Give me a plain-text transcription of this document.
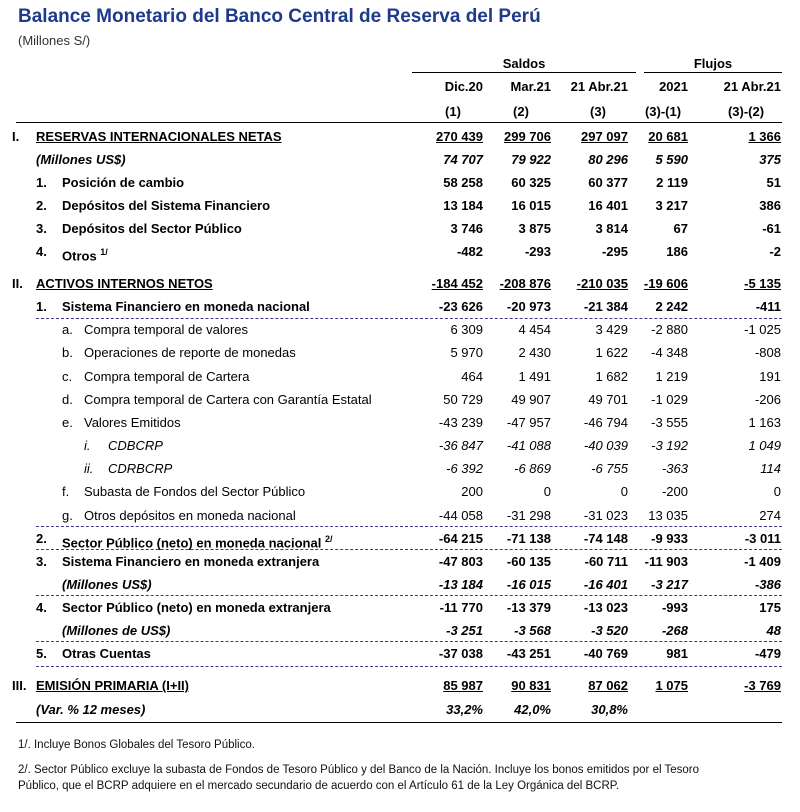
Balance Monetario del Banco Central de Reserva del Perú
(Millones S/)
Saldos	Flujos
Dic.20	Mar.21	21 Abr.21	2021	21 Abr.21
(1)	(2)	(3)	(3)-(1)	(3)-(2)
I. RESERVAS INTERNACIONALES NETAS	270 439	299 706	297 097	20 681	1 366
(Millones US$)	74 707	79 922	80 296	5 590	375
1. Posición de cambio	58 258	60 325	60 377	2 119	51
2. Depósitos del Sistema Financiero	13 184	16 015	16 401	3 217	386
3. Depósitos del Sector Público	3 746	3 875	3 814	67	-61
4. Otros $^{1/}$	-482	-293	-295	186	-2
II. ACTIVOS INTERNOS NETOS	-184 452	-208 876	-210 035	-19 606	-5 135
1. Sistema Financiero en moneda nacional	-23 626	-20 973	-21 384	2 242	-411
a. Compra temporal de valores	6 309	4 454	3 429	-2 880	-1 025
b. Operaciones de reporte de monedas	5 970	2 430	1 622	-4 348	-808
c. Compra temporal de Cartera	464	1 491	1 682	1 219	191
d. Compra temporal de Cartera con Garantía Estatal	50 729	49 907	49 701	-1 029	-206
e. Valores Emitidos	-43 239	-47 957	-46 794	-3 555	1 163
i. CDBCRP	-36 847	-41 088	-40 039	-3 192	1 049
ii. CDRBCRP	-6 392	-6 869	-6 755	-363	114
f. Subasta de Fondos del Sector Público	200	0	0	-200	0
g. Otros depósitos en moneda nacional	-44 058	-31 298	-31 023	13 035	274
2. Sector Público (neto) en moneda nacional $^{2/}$	-64 215	-71 138	-74 148	-9 933	-3 011
3. Sistema Financiero en moneda extranjera	-47 803	-60 135	-60 711	-11 903	-1 409
(Millones US$)	-13 184	-16 015	-16 401	-3 217	-386
4. Sector Público (neto) en moneda extranjera	-11 770	-13 379	-13 023	-993	175
(Millones de US$)	-3 251	-3 568	-3 520	-268	48
5. Otras Cuentas	-37 038	-43 251	-40 769	981	-479
III. EMISIÓN PRIMARIA (I+II)	85 987	90 831	87 062	1 075	-3 769
(Var. % 12 meses)	33,2%	42,0%	30,8%
1/. Incluye Bonos Globales del Tesoro Público.
2/. Sector Público excluye la subasta de Fondos de Tesoro Público y del Banco de la Nación. Incluye los bonos emitidos por el Tesoro
Público, que el BCRP adquiere en el mercado secundario de acuerdo con el Artículo 61 de la Ley Orgánica del BCRP.
